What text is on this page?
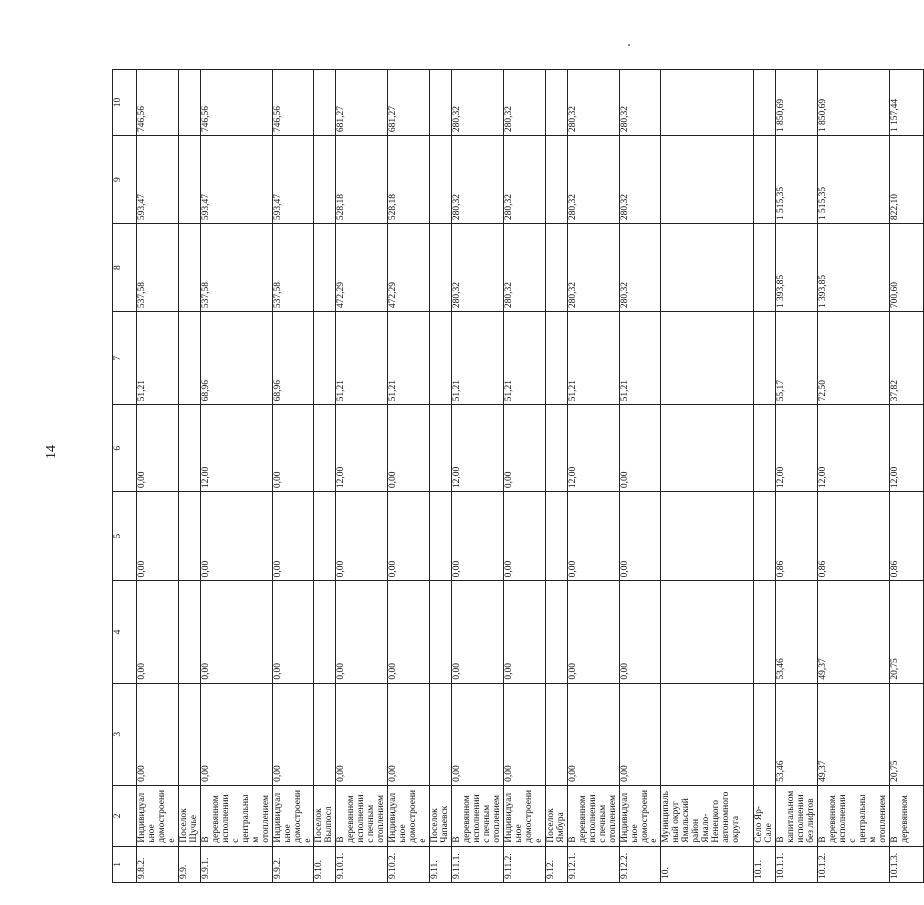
14
1	2	3	4	5	6	7	8	9	10
9.8.2.	Индивидуальное домостроение	0,00	0,00	0,00	0,00	51,21	537,58	593,47	746,56
9.9.	Поселок Щучье								
9.9.1.	В деревянном исполнении с центральным отоплением	0,00	0,00	0,00	12,00	68,96	537,58	593,47	746,56
9.9.2.	Индивидуальное домостроение	0,00	0,00	0,00	0,00	68,96	537,58	593,47	746,56
9.10.	Поселок Вылпосл								
9.10.1.	В деревянном исполнении с печным отоплением	0,00	0,00	0,00	12,00	51,21	472,29	528,18	681,27
9.10.2.	Индивидуальное домостроение	0,00	0,00	0,00	0,00	51,21	472,29	528,18	681,27
9.11.	Поселок Чапаевск								
9.11.1.	В деревянном исполнении с печным отоплением	0,00	0,00	0,00	12,00	51,21	280,32	280,32	280,32
9.11.2.	Индивидуальное домостроение	0,00	0,00	0,00	0,00	51,21	280,32	280,32	280,32
9.12.	Поселок Ямбура								
9.12.1.	В деревянном исполнении с печным отоплением	0,00	0,00	0,00	12,00	51,21	280,32	280,32	280,32
9.12.2.	Индивидуальное домостроение	0,00	0,00	0,00	0,00	51,21	280,32	280,32	280,32
10.	Муниципальный округ Ямальский район Ямало-Ненецкого автономного округа								
10.1.	Село Яр-Сале								
10.1.1.	В капитальном исполнении без лифтов	53,46	53,46	0,86	12,00	55,17	1 393,85	1 515,35	1 850,69
10.1.2.	В деревянном исполнении с центральным отоплением	49,37	49,37	0,86	12,00	72,50	1 393,85	1 515,35	1 850,69
10.1.3.	В деревянном	20,75	20,75	0,86	12,00	37,82	700,60	822,10	1 157,44
